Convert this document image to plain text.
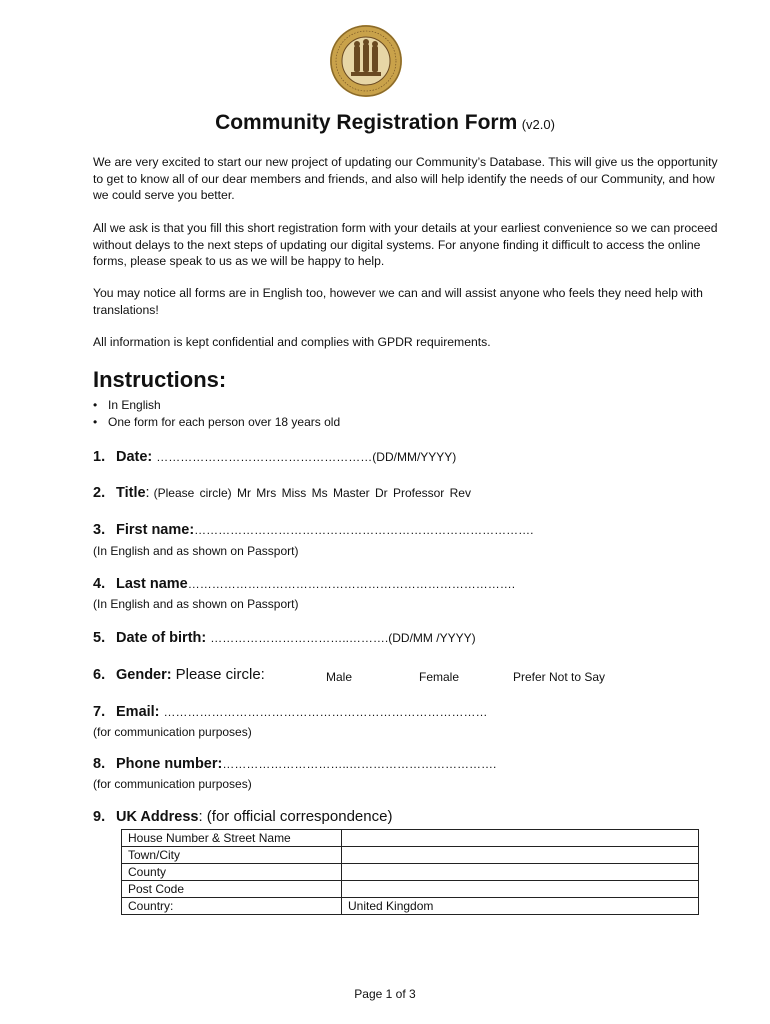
Community Registration Form (v2.0)
We are very excited to start our new project of updating our Community’s Database. This will give us the opportunity to get to know all of our dear members and friends, and also will help identify the needs of our Community, and how we could serve you better.
All we ask is that you fill this short registration form with your details at your earliest convenience so we can proceed without delays to the next steps of updating our digital systems. For anyone finding it difficult to access the online forms, please speak to us as we will be happy to help.
You may notice all forms are in English too, however we can and will assist anyone who feels they need help with translations!
All information is kept confidential and complies with GPDR requirements.
Instructions:
• In English
• One form for each person over 18 years old
1. Date: ………………………………………………(DD/MM/YYYY)
2. Title: (Please circle) Mr Mrs Miss Ms Master Dr Professor Rev
3. First name:………………………………………………………………………….
(In English and as shown on Passport)
4. Last name……………………………………………………………………….
(In English and as shown on Passport)
5. Date of birth: ……………………………..……….(DD/MM /YYYY)
6. Gender: Please circle:	Male	Female	Prefer Not to Say
7. Email: ………………………………………………………………………
(for communication purposes)
8. Phone number:…………………………..……………………………….
(for communication purposes)
9. UK Address: (for official correspondence)
House Number & Street Name	
Town/City	
County	
Post Code	
Country:	United Kingdom
Page 1 of 3
